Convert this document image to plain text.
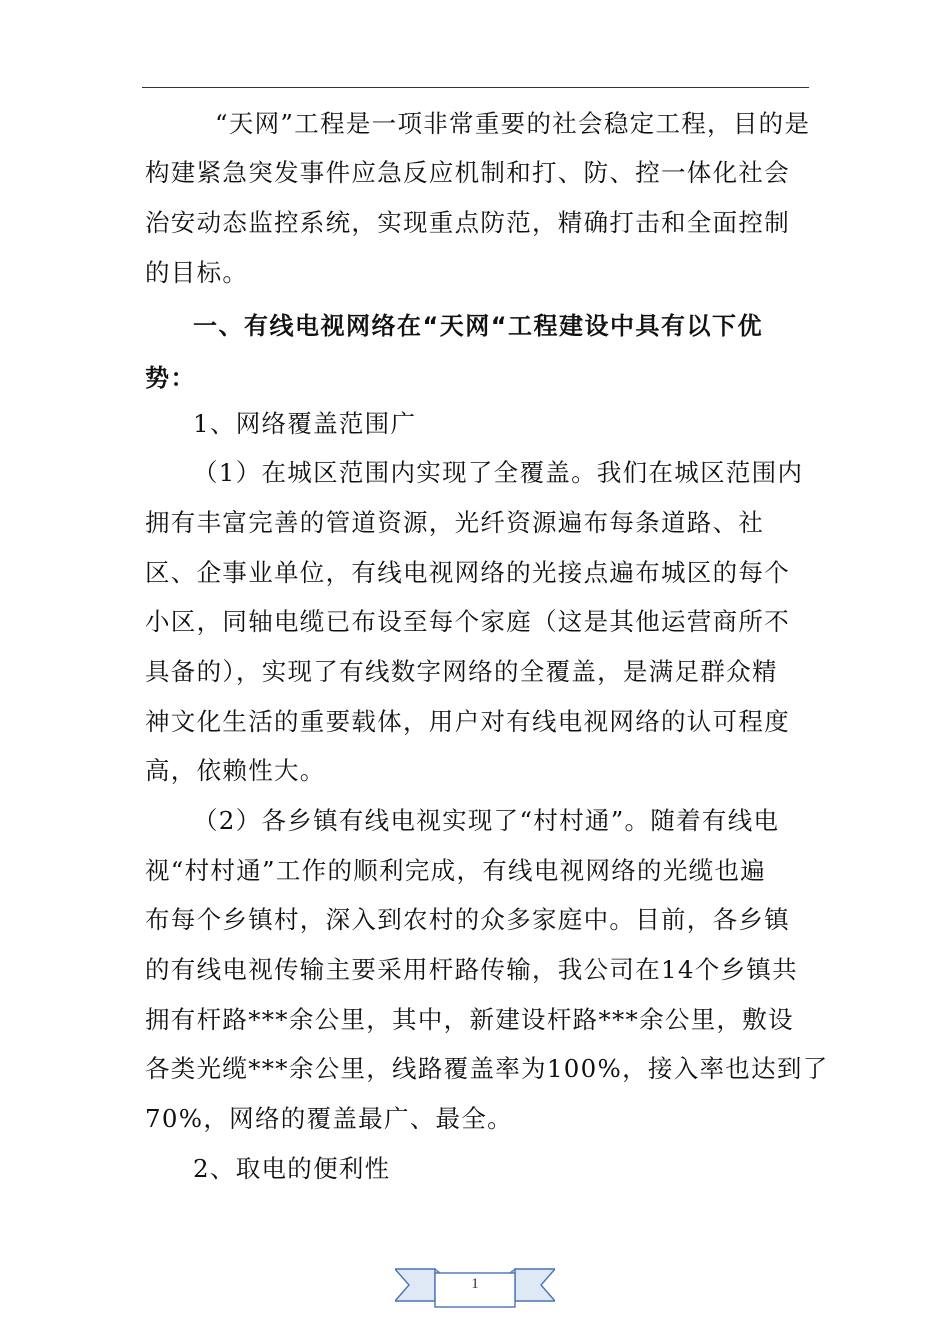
“天网”工程是一项非常重要的社会稳定工程，目的是
构建紧急突发事件应急反应机制和打、防、控一体化社会
治安动态监控系统，实现重点防范，精确打击和全面控制
的目标。
一、有线电视网络在“天网“工程建设中具有以下优
势：
1、网络覆盖范围广
（1）在城区范围内实现了全覆盖。我们在城区范围内
拥有丰富完善的管道资源，光纤资源遍布每条道路、社
区、企事业单位，有线电视网络的光接点遍布城区的每个
小区，同轴电缆已布设至每个家庭（这是其他运营商所不
具备的），实现了有线数字网络的全覆盖，是满足群众精
神文化生活的重要载体，用户对有线电视网络的认可程度
高，依赖性大。
（2）各乡镇有线电视实现了“村村通”。随着有线电
视“村村通”工作的顺利完成，有线电视网络的光缆也遍
布每个乡镇村，深入到农村的众多家庭中。目前，各乡镇
的有线电视传输主要采用杆路传输，我公司在14个乡镇共
拥有杆路***余公里，其中，新建设杆路***余公里，敷设
各类光缆***余公里，线路覆盖率为100%，接入率也达到了
70%，网络的覆盖最广、最全。
2、取电的便利性
1
